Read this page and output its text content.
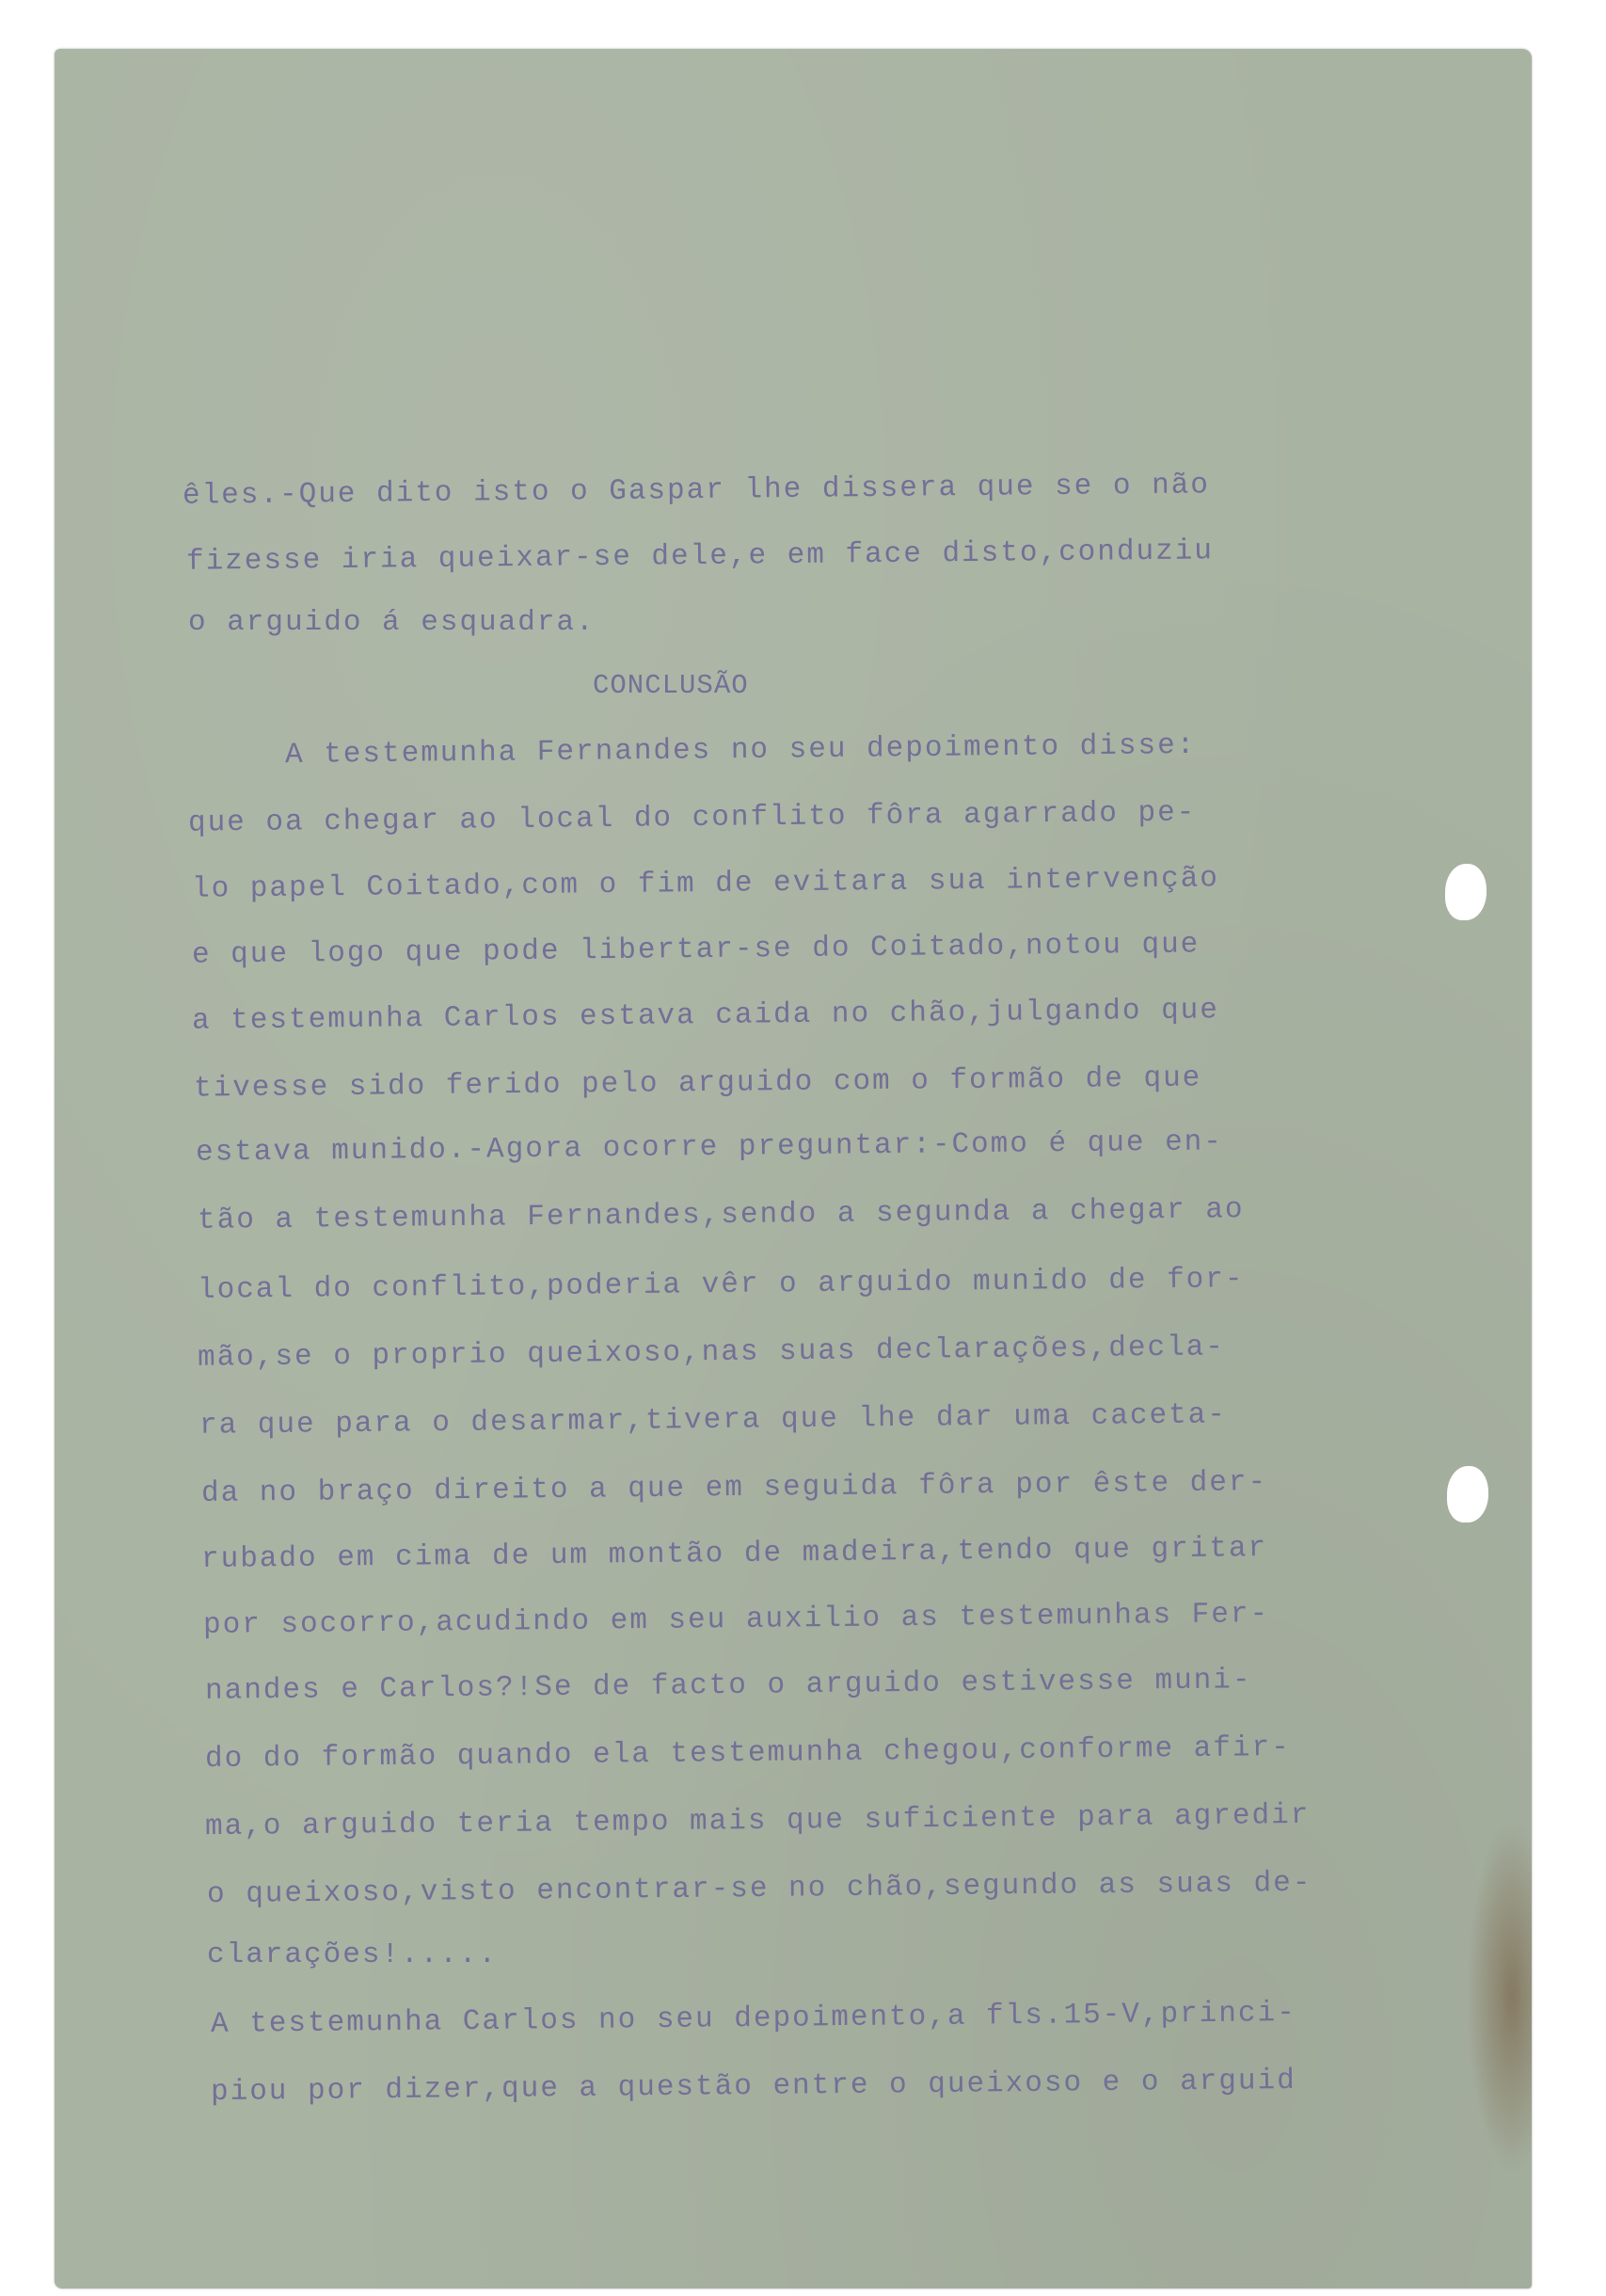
êles.-Que dito isto o Gaspar lhe dissera que se o não

fizesse iria queixar-se dele,e em face disto,conduziu

o arguido á esquadra.

CONCLUSÃO

A testemunha Fernandes no seu depoimento disse:

que oa chegar ao local do conflito fôra agarrado pe-

lo papel Coitado,com o fim de evitara sua intervenção

e que logo que pode libertar-se do Coitado,notou que

a testemunha Carlos estava caida no chão,julgando que

tivesse sido ferido pelo arguido com o formão de que

estava munido.-Agora ocorre preguntar:-Como é que en-

tão a testemunha Fernandes,sendo a segunda a chegar ao

local do conflito,poderia vêr o arguido munido de for-

mão,se o proprio queixoso,nas suas declarações,decla-

ra que para o desarmar,tivera que lhe dar uma caceta-

da no braço direito a que em seguida fôra por êste der-

rubado em cima de um montão de madeira,tendo que gritar

por socorro,acudindo em seu auxilio as testemunhas Fer-

nandes e Carlos?!Se de facto o arguido estivesse muni-

do do formão quando ela testemunha chegou,conforme afir-

ma,o arguido teria tempo mais que suficiente para agredir

o queixoso,visto encontrar-se no chão,segundo as suas de-

clarações!.....

A testemunha Carlos no seu depoimento,a fls.15-V,princi-

piou por dizer,que a questão entre o queixoso e o arguid
